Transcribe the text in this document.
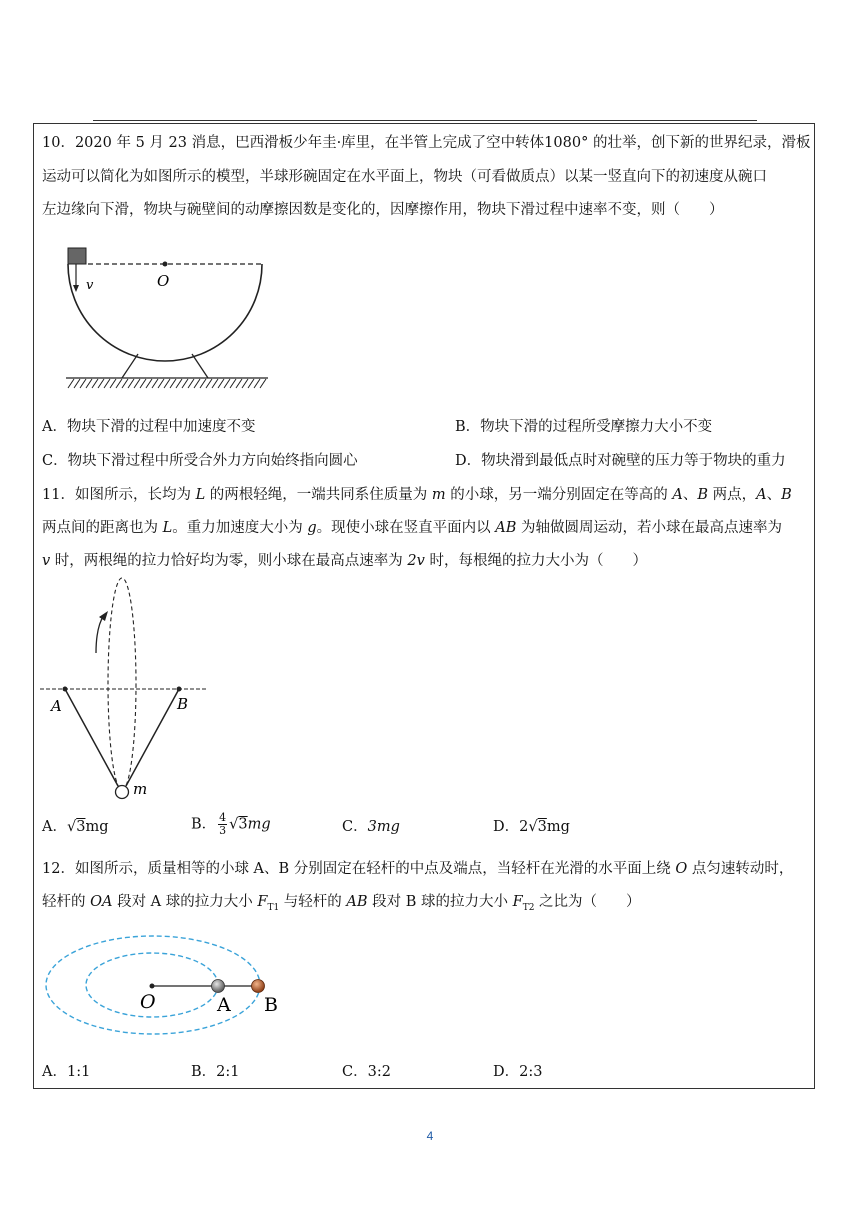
10．2020 年 5 月 23 消息，巴西滑板少年圭·库里，在半管上完成了空中转体1080° 的壮举，创下新的世界纪录，滑板
运动可以简化为如图所示的模型，半球形碗固定在水平面上，物块（可看做质点）以某一竖直向下的初速度从碗口
左边缘向下滑，物块与碗壁间的动摩擦因数是变化的，因摩擦作用，物块下滑过程中速率不变，则（　　）
v	O
A．物块下滑的过程中加速度不变	B．物块下滑的过程所受摩擦力大小不变
C．物块下滑过程中所受合外力方向始终指向圆心	D．物块滑到最低点时对碗壁的压力等于物块的重力
11．如图所示，长均为 L 的两根轻绳，一端共同系住质量为 m 的小球，另一端分别固定在等高的 A、B 两点，A、B
两点间的距离也为 L。重力加速度大小为 g。现使小球在竖直平面内以 AB 为轴做圆周运动，若小球在最高点速率为
v 时，两根绳的拉力恰好均为零，则小球在最高点速率为 2v 时，每根绳的拉力大小为（　　）
A	B
m
A．√3mg	B． $\frac{4}{3} √3mg$	C．3mg	D．2√3mg
12．如图所示，质量相等的小球 A、B 分别固定在轻杆的中点及端点，当轻杆在光滑的水平面上绕 O 点匀速转动时，
轻杆的 OA 段对 A 球的拉力大小 $F_{T1}$ 与轻杆的 AB 段对 B 球的拉力大小 $F_{T2}$ 之比为（　　）
O	A B
A．1:1	B．2:1	C．3:2	D．2:3
4
